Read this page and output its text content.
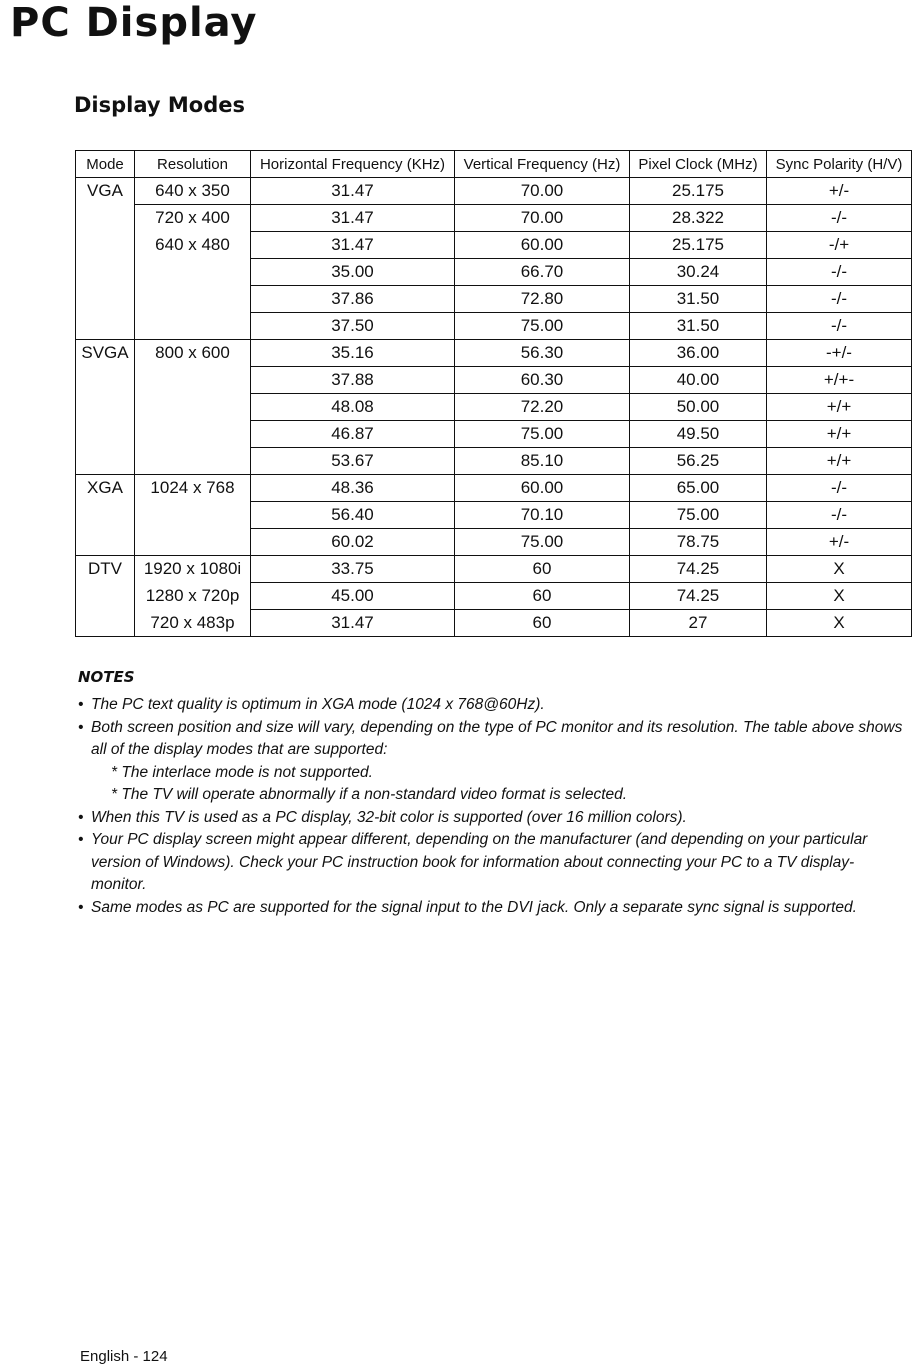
PC Display
Display Modes
Mode	Resolution	Horizontal Frequency (KHz)	Vertical Frequency (Hz)	Pixel Clock (MHz)	Sync Polarity (H/V)
VGA	640 x 350	31.47	70.00	25.175	+/-
	720 x 400	31.47	70.00	28.322	-/-
	640 x 480	31.47	60.00	25.175	-/+
		35.00	66.70	30.24	-/-
		37.86	72.80	31.50	-/-
		37.50	75.00	31.50	-/-
SVGA	800 x 600	35.16	56.30	36.00	-+/-
		37.88	60.30	40.00	+/+-
		48.08	72.20	50.00	+/+
		46.87	75.00	49.50	+/+
		53.67	85.10	56.25	+/+
XGA	1024 x 768	48.36	60.00	65.00	-/-
		56.40	70.10	75.00	-/-
		60.02	75.00	78.75	+/-
DTV	1920 x 1080i	33.75	60	74.25	X
	1280 x 720p	45.00	60	74.25	X
	720 x 483p	31.47	60	27	X
NOTES
• The PC text quality is optimum in XGA mode (1024 x 768@60Hz).
• Both screen position and size will vary, depending on the type of PC monitor and its resolution. The table above shows all of the display modes that are supported:
* The interlace mode is not supported.
* The TV will operate abnormally if a non-standard video format is selected.
• When this TV is used as a PC display, 32-bit color is supported (over 16 million colors).
• Your PC display screen might appear different, depending on the manufacturer (and depending on your particular version of Windows). Check your PC instruction book for information about connecting your PC to a TV display-monitor.
• Same modes as PC are supported for the signal input to the DVI jack. Only a separate sync signal is supported.
English - 124
